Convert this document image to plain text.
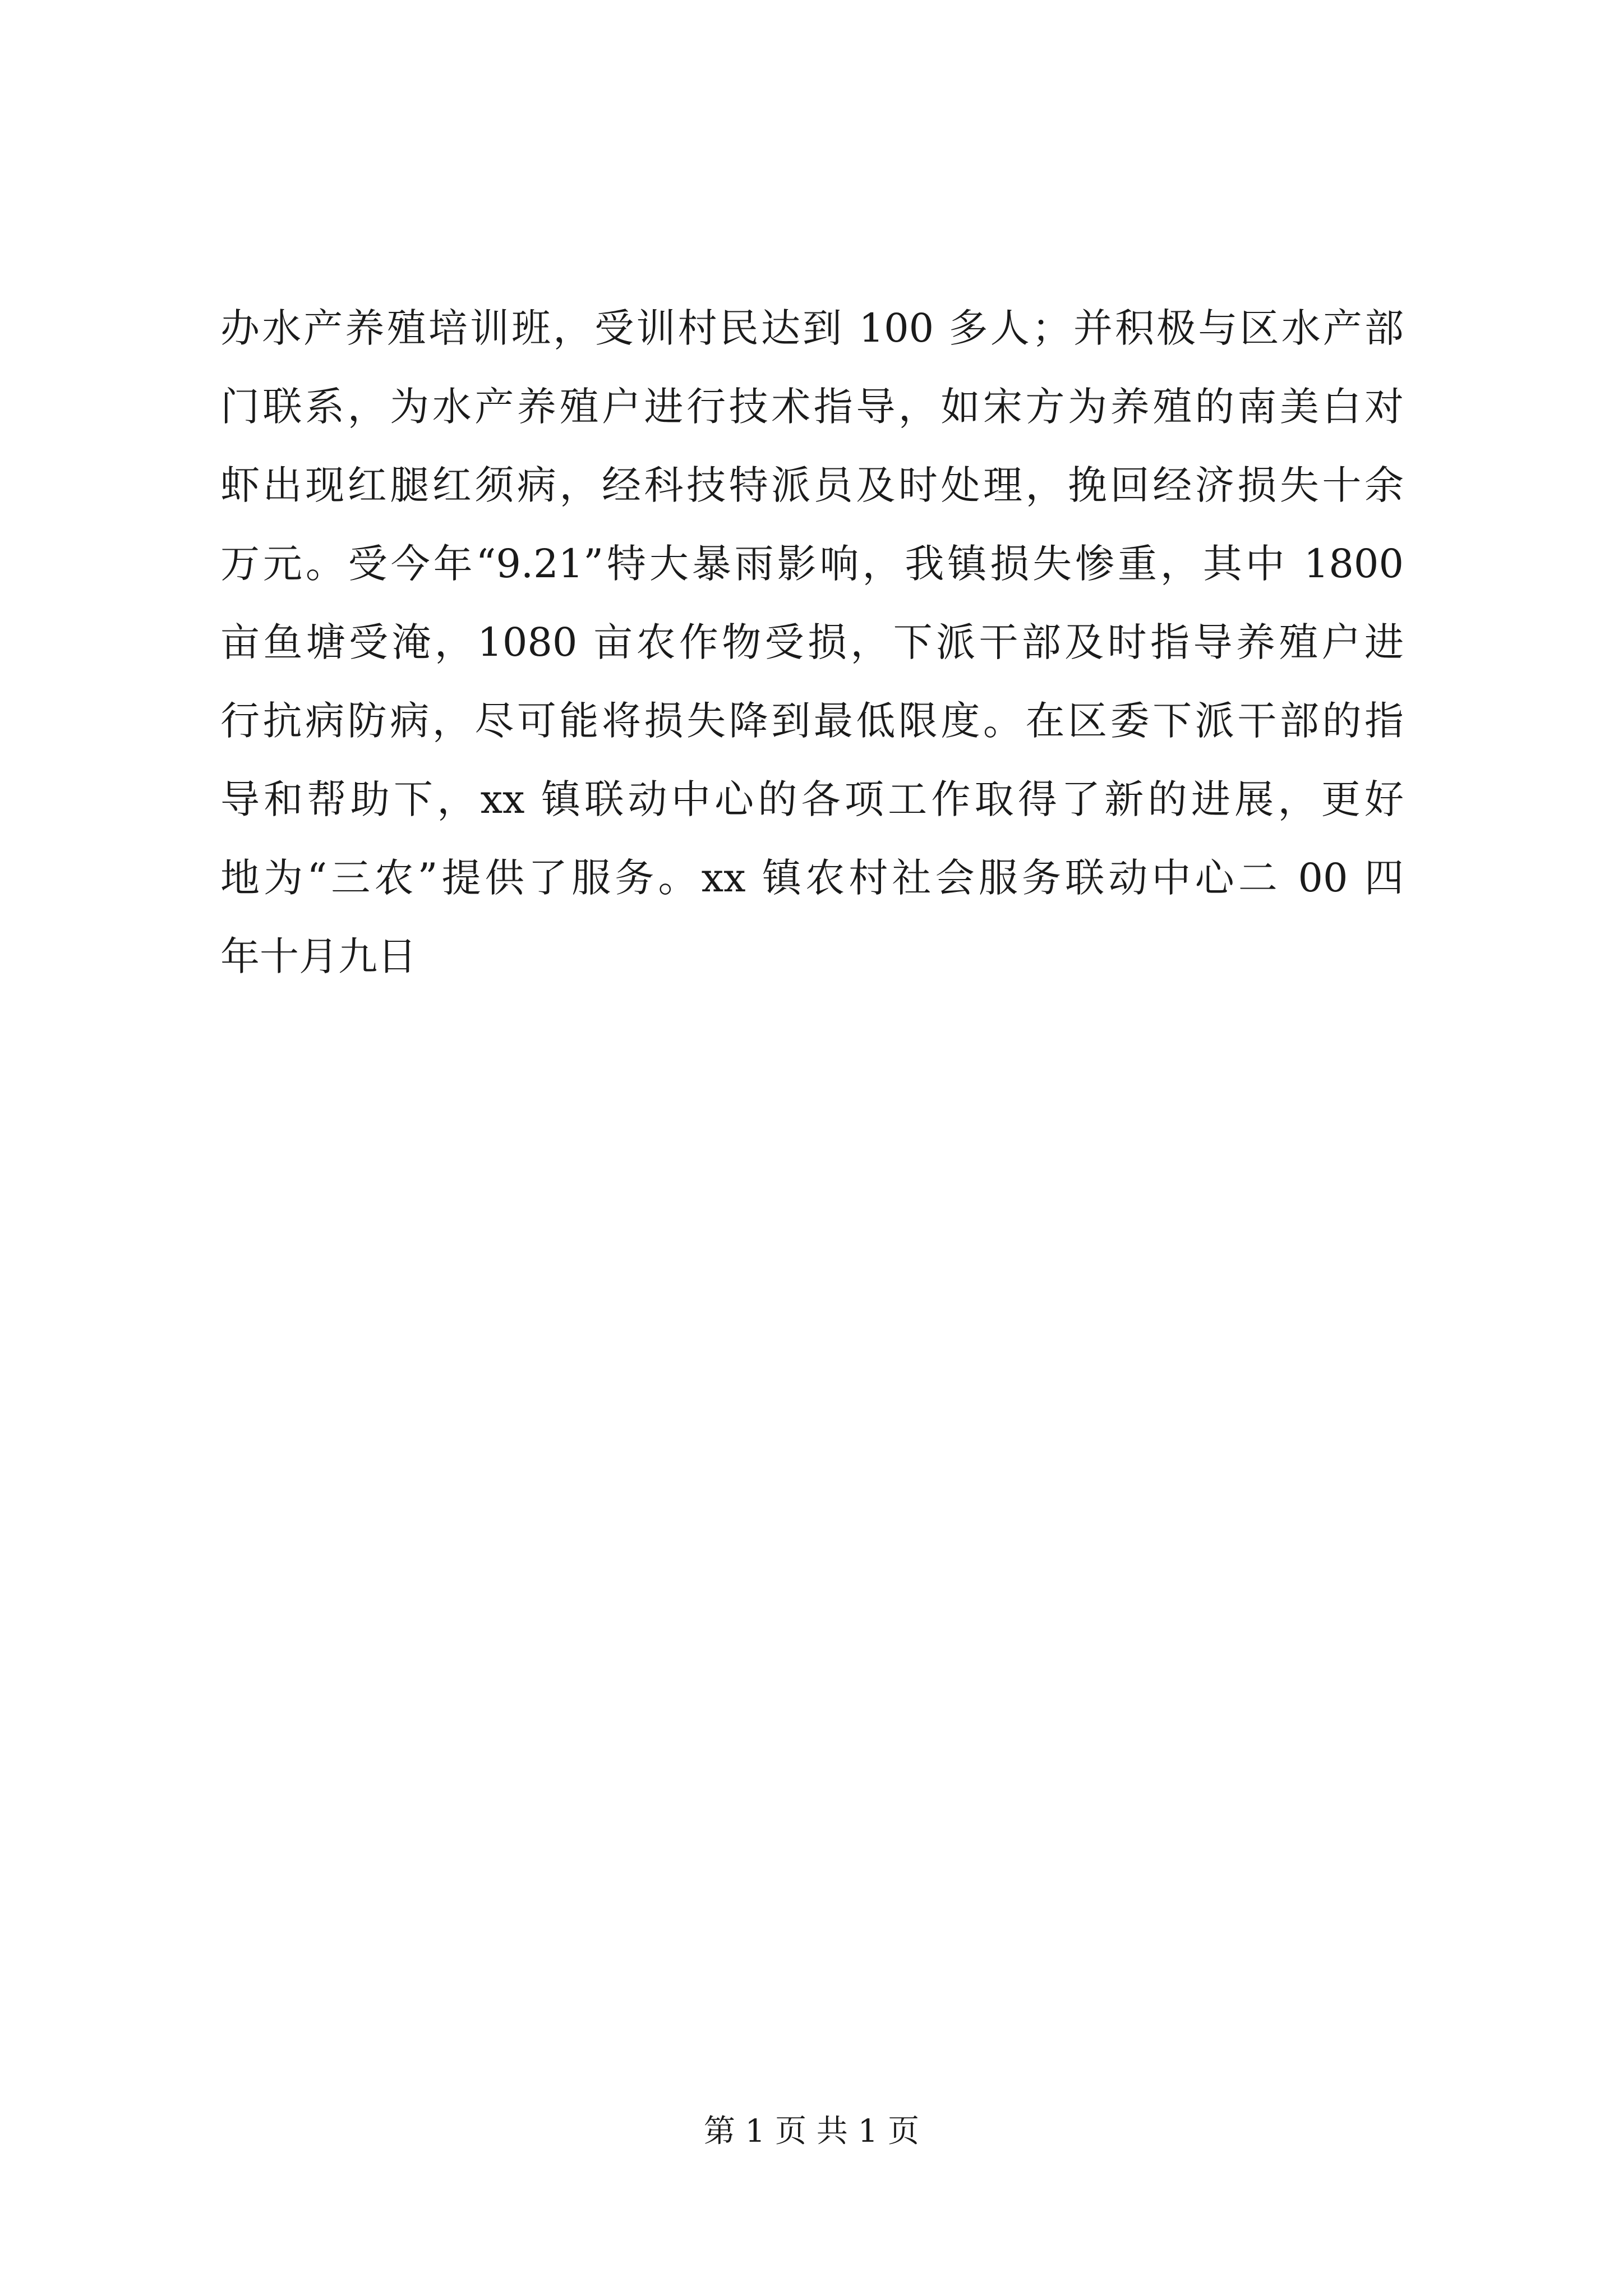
办水产养殖培训班，受训村民达到 100 多人；并积极与区水产部
门联系，为水产养殖户进行技术指导，如宋方为养殖的南美白对
虾出现红腿红须病，经科技特派员及时处理，挽回经济损失十余
万元。受今年“9.21”特大暴雨影响，我镇损失惨重，其中 1800
亩鱼塘受淹，1080 亩农作物受损，下派干部及时指导养殖户进
行抗病防病，尽可能将损失降到最低限度。在区委下派干部的指
导和帮助下，xx 镇联动中心的各项工作取得了新的进展，更好
地为“三农”提供了服务。xx 镇农村社会服务联动中心二 00 四
年十月九日
第 1 页 共 1 页
